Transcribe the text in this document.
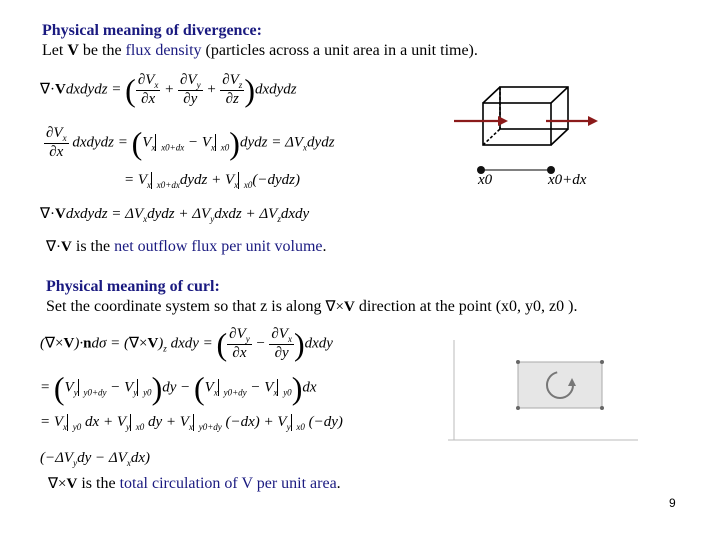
Physical meaning of divergence:
Let V be the flux density (particles across a unit area in a unit time).
∇·Vdxdydz = ( $\frac{\partial V_x}{\partial x} + \frac{\partial V_y}{\partial y} + \frac{\partial V_z}{\partial z}$ )dxdydz
$\frac{\partial V_x}{\partial x}$ dxdydz = ($V_x$ $_{x0+dx} - V_x$ $_{x0}$)dydz = $\Delta V_xdydz$
= $V_x$ $_{x0+dx}$dydz + $V_x$ $_{x0}$(−dydz)
∇·Vdxdydz = $\Delta V_xdydz$ + $\Delta V_ydxdz$ + $\Delta V_zdxdy$
∇·V is the net outflow flux per unit volume.
x0	x0+dx
Physical meaning of curl:
Set the coordinate system so that z is along ∇×V direction at the point (x0, y0, z0 ).
$(\nabla\times V)\cdot nd\sigma = (\nabla\times V)_z$ dxdy = ( $\frac{\partial V_y}{\partial x} - \frac{\partial V_x}{\partial y}$ )dxdy
= ($V_y$ $_{y0+dy} - V_y$ $_{y0})dy - (V_x$ $_{y0+dy} - V_x$ $_{y0}$)dx
= $V_x$ $_{y0}$ dx + $V_y$ $_{x0}$ dy + $V_x$ $_{y0+dy}$ $(-dx) + V_y$ $_{x0}$ (−dy)
$(-\Delta V_ydy - \Delta V_xdx)$
∇×V is the total circulation of V per unit area.
9
